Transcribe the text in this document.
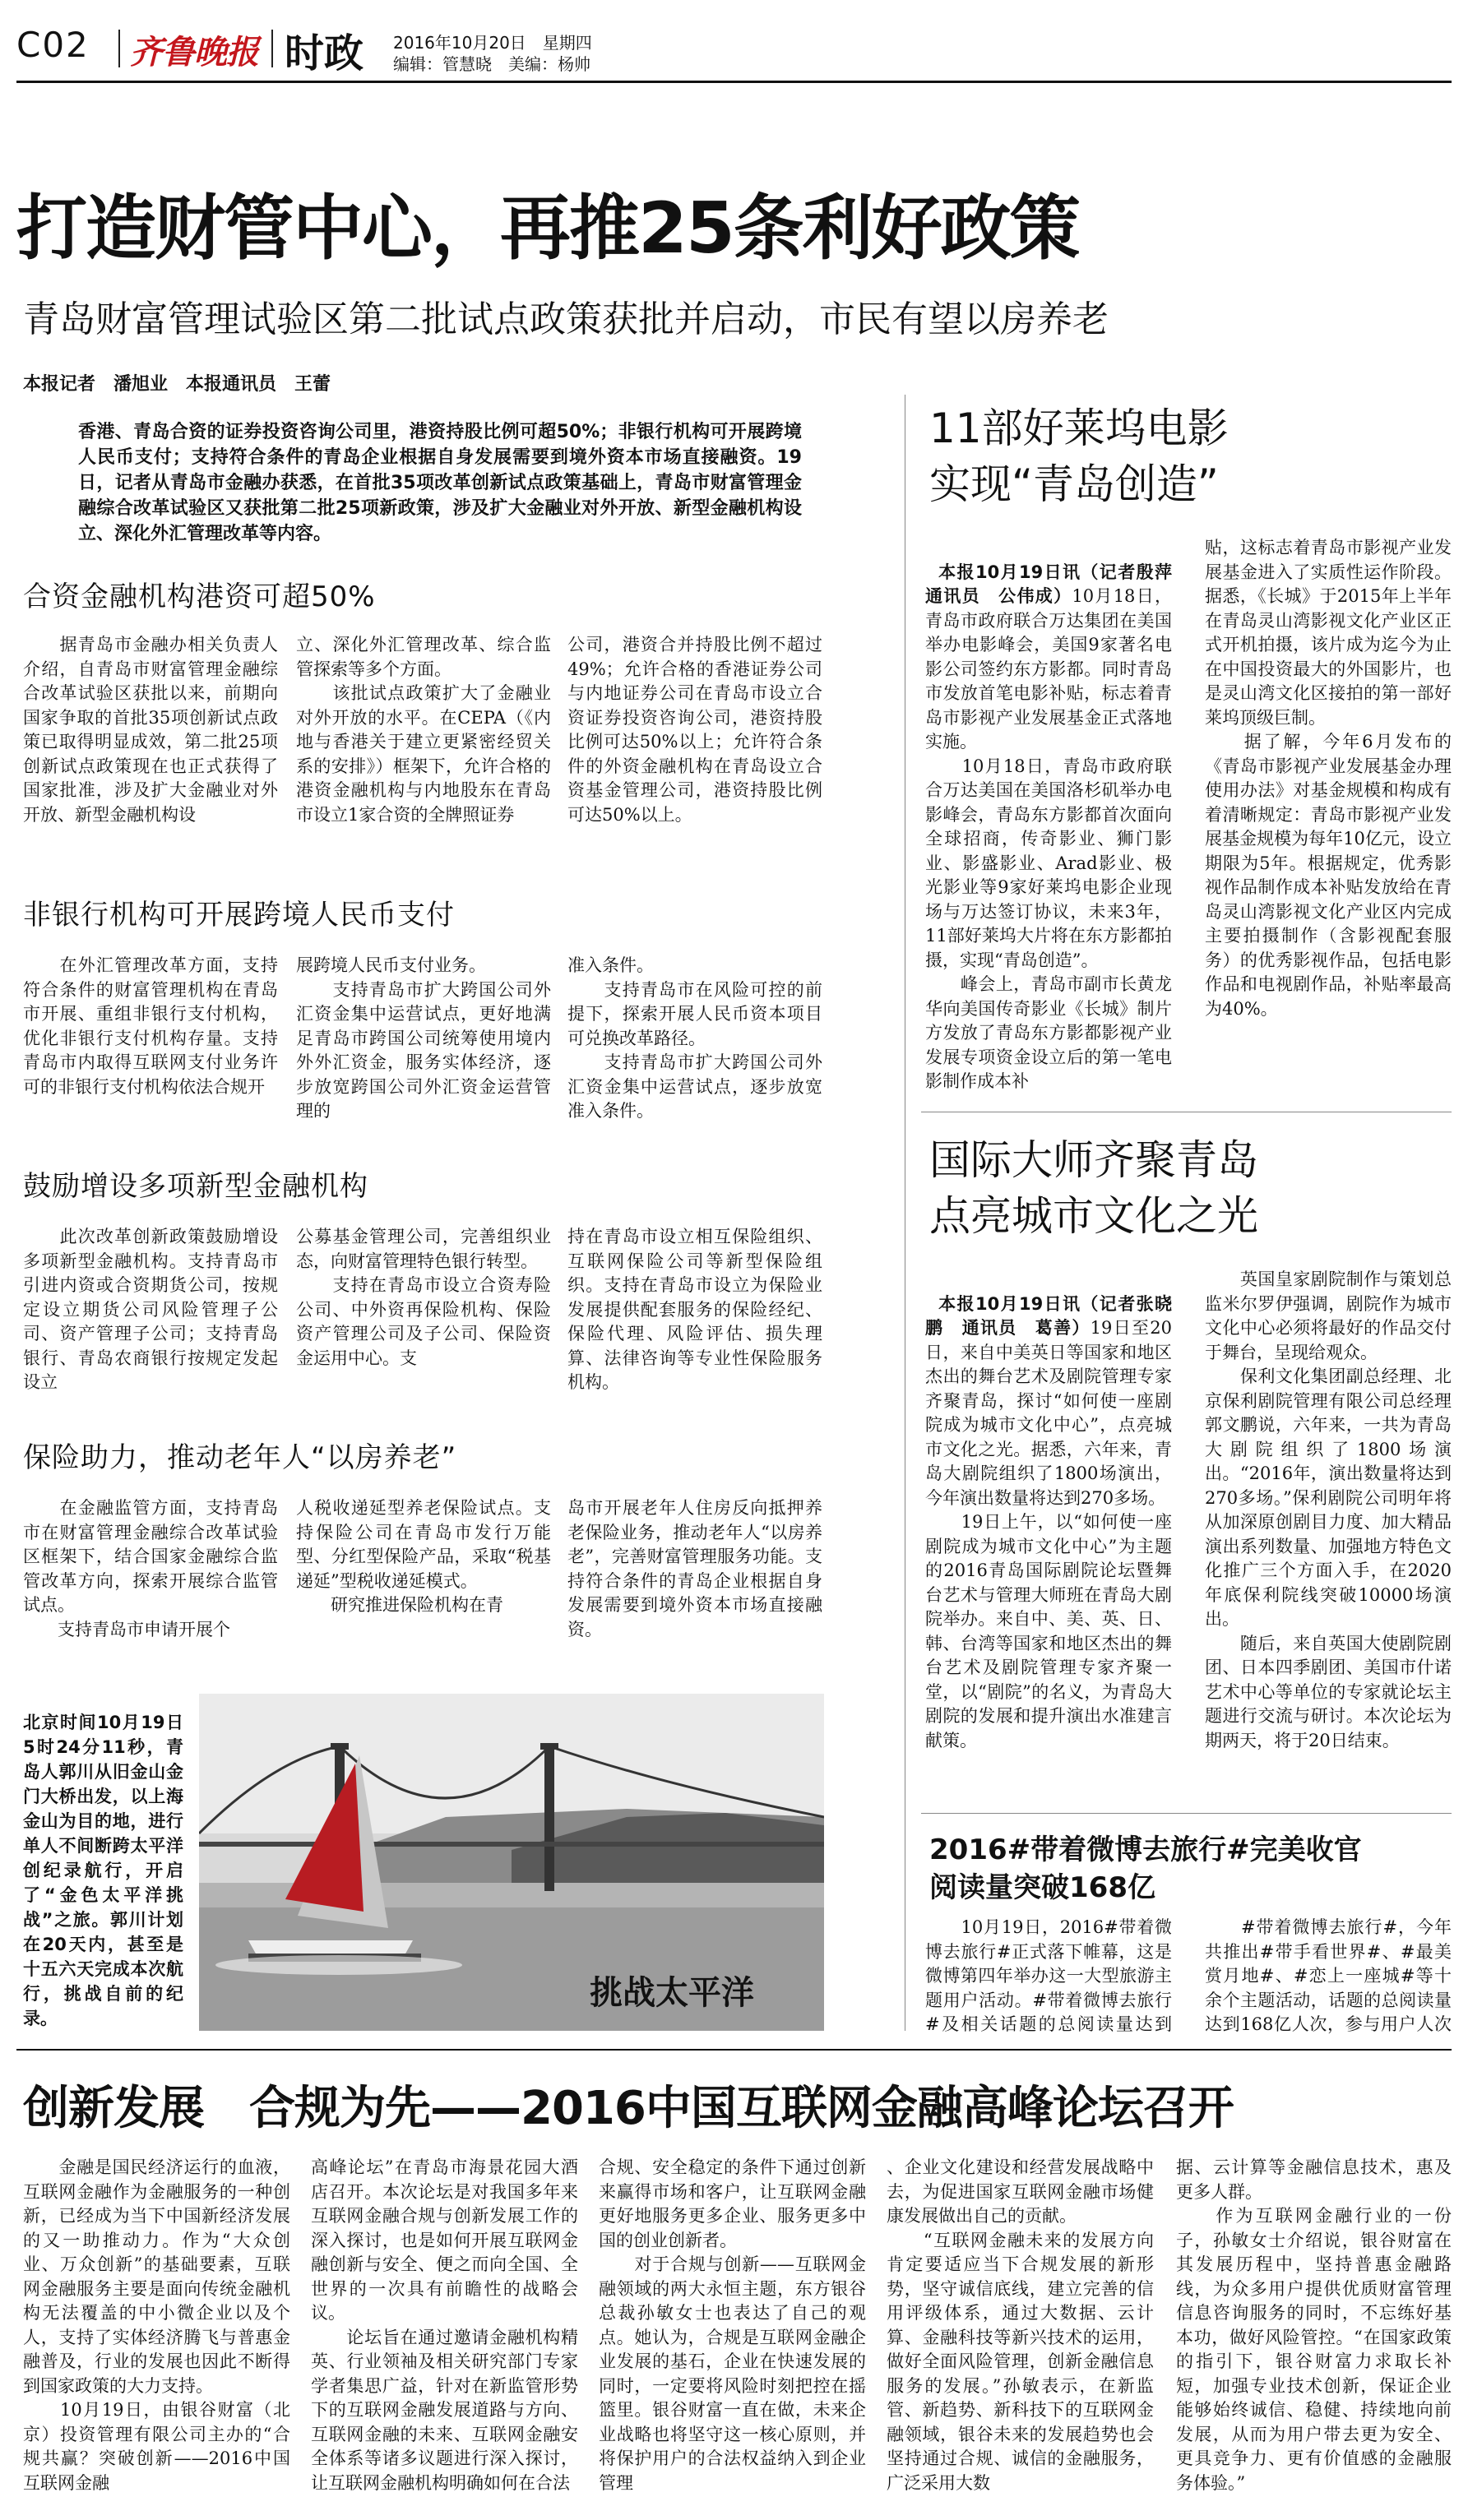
C02 齐鲁晚报 时政 2016年10月20日　星期四
编辑：管慧晓　美编：杨帅
打造财管中心，再推25条利好政策
青岛财富管理试验区第二批试点政策获批并启动，市民有望以房养老
本报记者　潘旭业　本报通讯员　王蕾
香港、青岛合资的证券投资咨询公司里，港资持股比例可超50%；非银行机构可开展跨境人民币支付；支持符合条件的青岛企业根据自身发展需要到境外资本市场直接融资。19日，记者从青岛市金融办获悉，在首批35项改革创新试点政策基础上，青岛市财富管理金融综合改革试验区又获批第二批25项新政策，涉及扩大金融业对外开放、新型金融机构设立、深化外汇管理改革等内容。
合资金融机构港资可超50%
　　据青岛市金融办相关负责人介绍，自青岛市财富管理金融综合改革试验区获批以来，前期向国家争取的首批35项创新试点政策已取得明显成效，第二批25项创新试点政策现在也正式获得了国家批准，涉及扩大金融业对外开放、新型金融机构设
立、深化外汇管理改革、综合监管探索等多个方面。
　　该批试点政策扩大了金融业对外开放的水平。在CEPA（《内地与香港关于建立更紧密经贸关系的安排》）框架下，允许合格的港资金融机构与内地股东在青岛市设立1家合资的全牌照证券
公司，港资合并持股比例不超过49%；允许合格的香港证券公司与内地证券公司在青岛市设立合资证券投资咨询公司，港资持股比例可达50%以上；允许符合条件的外资金融机构在青岛设立合资基金管理公司，港资持股比例可达50%以上。
非银行机构可开展跨境人民币支付
　　在外汇管理改革方面，支持符合条件的财富管理机构在青岛市开展、重组非银行支付机构，优化非银行支付机构存量。支持青岛市内取得互联网支付业务许可的非银行支付机构依法合规开
展跨境人民币支付业务。
　　支持青岛市扩大跨国公司外汇资金集中运营试点，更好地满足青岛市跨国公司统筹使用境内外外汇资金，服务实体经济，逐步放宽跨国公司外汇资金运营管理的
准入条件。
　　支持青岛市在风险可控的前提下，探索开展人民币资本项目可兑换改革路径。
　　支持青岛市扩大跨国公司外汇资金集中运营试点，逐步放宽准入条件。
鼓励增设多项新型金融机构
　　此次改革创新政策鼓励增设多项新型金融机构。支持青岛市引进内资或合资期货公司，按规定设立期货公司风险管理子公司、资产管理子公司；支持青岛银行、青岛农商银行按规定发起设立
公募基金管理公司，完善组织业态，向财富管理特色银行转型。
　　支持在青岛市设立合资寿险公司、中外资再保险机构、保险资产管理公司及子公司、保险资金运用中心。支
持在青岛市设立相互保险组织、互联网保险公司等新型保险组织。支持在青岛市设立为保险业发展提供配套服务的保险经纪、保险代理、风险评估、损失理算、法律咨询等专业性保险服务机构。
保险助力，推动老年人“以房养老”
　　在金融监管方面，支持青岛市在财富管理金融综合改革试验区框架下，结合国家金融综合监管改革方向，探索开展综合监管试点。
　　支持青岛市申请开展个
人税收递延型养老保险试点。支持保险公司在青岛市发行万能型、分红型保险产品，采取“税基递延”型税收递延模式。
　　研究推进保险机构在青
岛市开展老年人住房反向抵押养老保险业务，推动老年人“以房养老”，完善财富管理服务功能。支持符合条件的青岛企业根据自身发展需要到境外资本市场直接融资。
北京时间10月19日5时24分11秒，青岛人郭川从旧金山金门大桥出发，以上海金山为目的地，进行单人不间断跨太平洋创纪录航行，开启了“金色太平洋挑战”之旅。郭川计划在20天内，甚至是十五六天完成本次航行，挑战自前的纪录。
挑战太平洋
11部好莱坞电影
实现“青岛创造”

本报10月19日讯（记者殷萍　通讯员　公伟成）10月18日，青岛市政府联合万达集团在美国举办电影峰会，美国9家著名电影公司签约东方影都。同时青岛市发放首笔电影补贴，标志着青岛市影视产业发展基金正式落地实施。
　　10月18日，青岛市政府联合万达美国在美国洛杉矶举办电影峰会，青岛东方影都首次面向全球招商，传奇影业、狮门影业、影盛影业、Arad影业、极光影业等9家好莱坞电影企业现场与万达签订协议，未来3年，11部好莱坞大片将在东方影都拍摄，实现“青岛创造”。
　　峰会上，青岛市副市长黄龙华向美国传奇影业《长城》制片方发放了青岛东方影都影视产业发展专项资金设立后的第一笔电影制作成本补

贴，这标志着青岛市影视产业发展基金进入了实质性运作阶段。据悉，《长城》于2015年上半年在青岛灵山湾影视文化产业区正式开机拍摄，该片成为迄今为止在中国投资最大的外国影片，也是灵山湾文化区接拍的第一部好莱坞顶级巨制。
　　据了解，今年6月发布的《青岛市影视产业发展基金办理使用办法》对基金规模和构成有着清晰规定：青岛市影视产业发展基金规模为每年10亿元，设立期限为5年。根据规定，优秀影视作品制作成本补贴发放给在青岛灵山湾影视文化产业区内完成主要拍摄制作（含影视配套服务）的优秀影视作品，包括电影作品和电视剧作品，补贴率最高为40%。
国际大师齐聚青岛
点亮城市文化之光

本报10月19日讯（记者张晓鹏　通讯员　葛善）19日至20日，来自中美英日等国家和地区杰出的舞台艺术及剧院管理专家齐聚青岛，探讨“如何使一座剧院成为城市文化中心”，点亮城市文化之光。据悉，六年来，青岛大剧院组织了1800场演出，今年演出数量将达到270多场。
　　19日上午，以“如何使一座剧院成为城市文化中心”为主题的2016青岛国际剧院论坛暨舞台艺术与管理大师班在青岛大剧院举办。来自中、美、英、日、韩、台湾等国家和地区杰出的舞台艺术及剧院管理专家齐聚一堂，以“剧院”的名义，为青岛大剧院的发展和提升演出水准建言献策。

　　英国皇家剧院制作与策划总监米尔罗伊强调，剧院作为城市文化中心必须将最好的作品交付于舞台，呈现给观众。
　　保利文化集团副总经理、北京保利剧院管理有限公司总经理郭文鹏说，六年来，一共为青岛大剧院组织了1800场演出。“2016年，演出数量将达到270多场。”保利剧院公司明年将从加深原创剧目力度、加大精品演出系列数量、加强地方特色文化推广三个方面入手，在2020年底保利院线突破10000场演出。
　　随后，来自英国大使剧院剧团、日本四季剧团、美国市什诺艺术中心等单位的专家就论坛主题进行交流与研讨。本次论坛为期两天，将于20日结束。
2016#带着微博去旅行#完美收官
阅读量突破168亿
　　10月19日，2016#带着微博去旅行#正式落下帷幕，这是微博第四年举办这一大型旅游主题用户活动。#带着微博去旅行#及相关话题的总阅读量达到
　　#带着微博去旅行#，今年共推出#带手看世界#、#最美赏月地#、#恋上一座城#等十余个主题活动，话题的总阅读量达到168亿人次，参与用户人次
创新发展　合规为先——2016中国互联网金融高峰论坛召开
　　金融是国民经济运行的血液，互联网金融作为金融服务的一种创新，已经成为当下中国新经济发展的又一助推动力。作为“大众创业、万众创新”的基础要素，互联网金融服务主要是面向传统金融机构无法覆盖的中小微企业以及个人，支持了实体经济腾飞与普惠金融普及，行业的发展也因此不断得到国家政策的大力支持。
　　10月19日，由银谷财富（北京）投资管理有限公司主办的“合规共赢？突破创新——2016中国互联网金融
高峰论坛”在青岛市海景花园大酒店召开。本次论坛是对我国多年来互联网金融合规与创新发展工作的深入探讨，也是如何开展互联网金融创新与安全、便之而向全国、全世界的一次具有前瞻性的战略会议。
　　论坛旨在通过邀请金融机构精英、行业领袖及相关研究部门专家学者集思广益，针对在新监管形势下的互联网金融发展道路与方向、互联网金融的未来、互联网金融安全体系等诸多议题进行深入探讨，让互联网金融机构明确如何在合法
合规、安全稳定的条件下通过创新来赢得市场和客户，让互联网金融更好地服务更多企业、服务更多中国的创业创新者。
　　对于合规与创新——互联网金融领域的两大永恒主题，东方银谷总裁孙敏女士也表达了自己的观点。她认为，合规是互联网金融企业发展的基石，企业在快速发展的同时，一定要将风险时刻把控在摇篮里。银谷财富一直在做，未来企业战略也将坚守这一核心原则，并将保护用户的合法权益纳入到企业管理
、企业文化建设和经营发展战略中去，为促进国家互联网金融市场健康发展做出自己的贡献。
　　“互联网金融未来的发展方向肯定要适应当下合规发展的新形势，坚守诚信底线，建立完善的信用评级体系，通过大数据、云计算、金融科技等新兴技术的运用，做好全面风险管理，创新金融信息服务的发展。”孙敏表示，在新监管、新趋势、新科技下的互联网金融领域，银谷未来的发展趋势也会坚持通过合规、诚信的金融服务，广泛采用大数
据、云计算等金融信息技术，惠及更多人群。
　　作为互联网金融行业的一份子，孙敏女士介绍说，银谷财富在其发展历程中，坚持普惠金融路线，为众多用户提供优质财富管理信息咨询服务的同时，不忘练好基本功，做好风险管控。“在国家政策的指引下，银谷财富力求取长补短，加强专业技术创新，保证企业能够始终诚信、稳健、持续地向前发展，从而为用户带去更为安全、更具竞争力、更有价值感的金融服务体验。”
